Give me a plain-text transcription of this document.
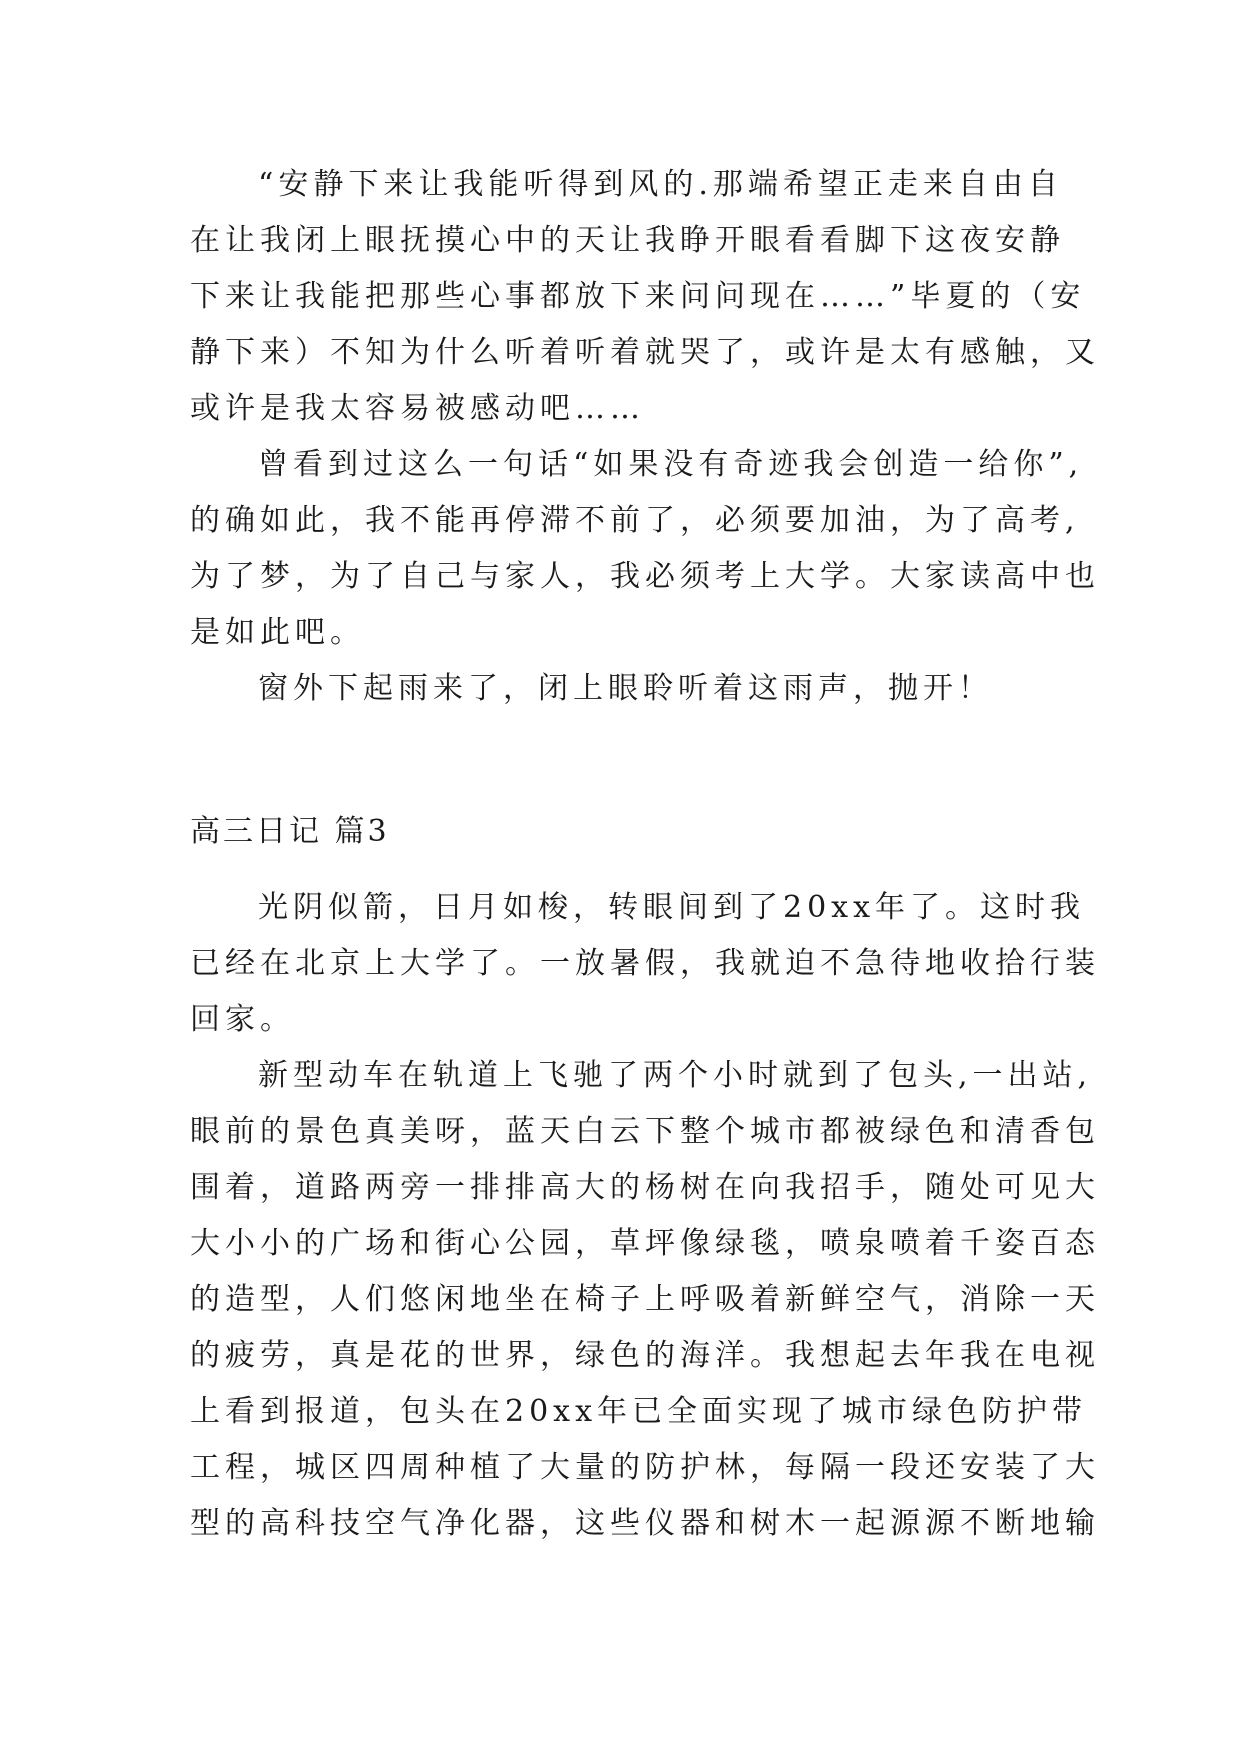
“安静下来让我能听得到风的.那端希望正走来自由自
在让我闭上眼抚摸心中的天让我睁开眼看看脚下这夜安静
下来让我能把那些心事都放下来问问现在……”毕夏的（安
静下来）不知为什么听着听着就哭了，或许是太有感触，又
或许是我太容易被感动吧……
曾看到过这么一句话“如果没有奇迹我会创造一给你”,
的确如此，我不能再停滞不前了，必须要加油，为了高考,
为了梦，为了自己与家人，我必须考上大学。大家读高中也
是如此吧。
窗外下起雨来了，闭上眼聆听着这雨声，抛开！
高三日记 篇3
光阴似箭，日月如梭，转眼间到了20xx年了。这时我
已经在北京上大学了。一放暑假，我就迫不急待地收拾行装
回家。
新型动车在轨道上飞驰了两个小时就到了包头,一出站,
眼前的景色真美呀，蓝天白云下整个城市都被绿色和清香包
围着，道路两旁一排排高大的杨树在向我招手，随处可见大
大小小的广场和街心公园，草坪像绿毯，喷泉喷着千姿百态
的造型，人们悠闲地坐在椅子上呼吸着新鲜空气，消除一天
的疲劳，真是花的世界，绿色的海洋。我想起去年我在电视
上看到报道，包头在20xx年已全面实现了城市绿色防护带
工程，城区四周种植了大量的防护林，每隔一段还安装了大
型的高科技空气净化器，这些仪器和树木一起源源不断地输
